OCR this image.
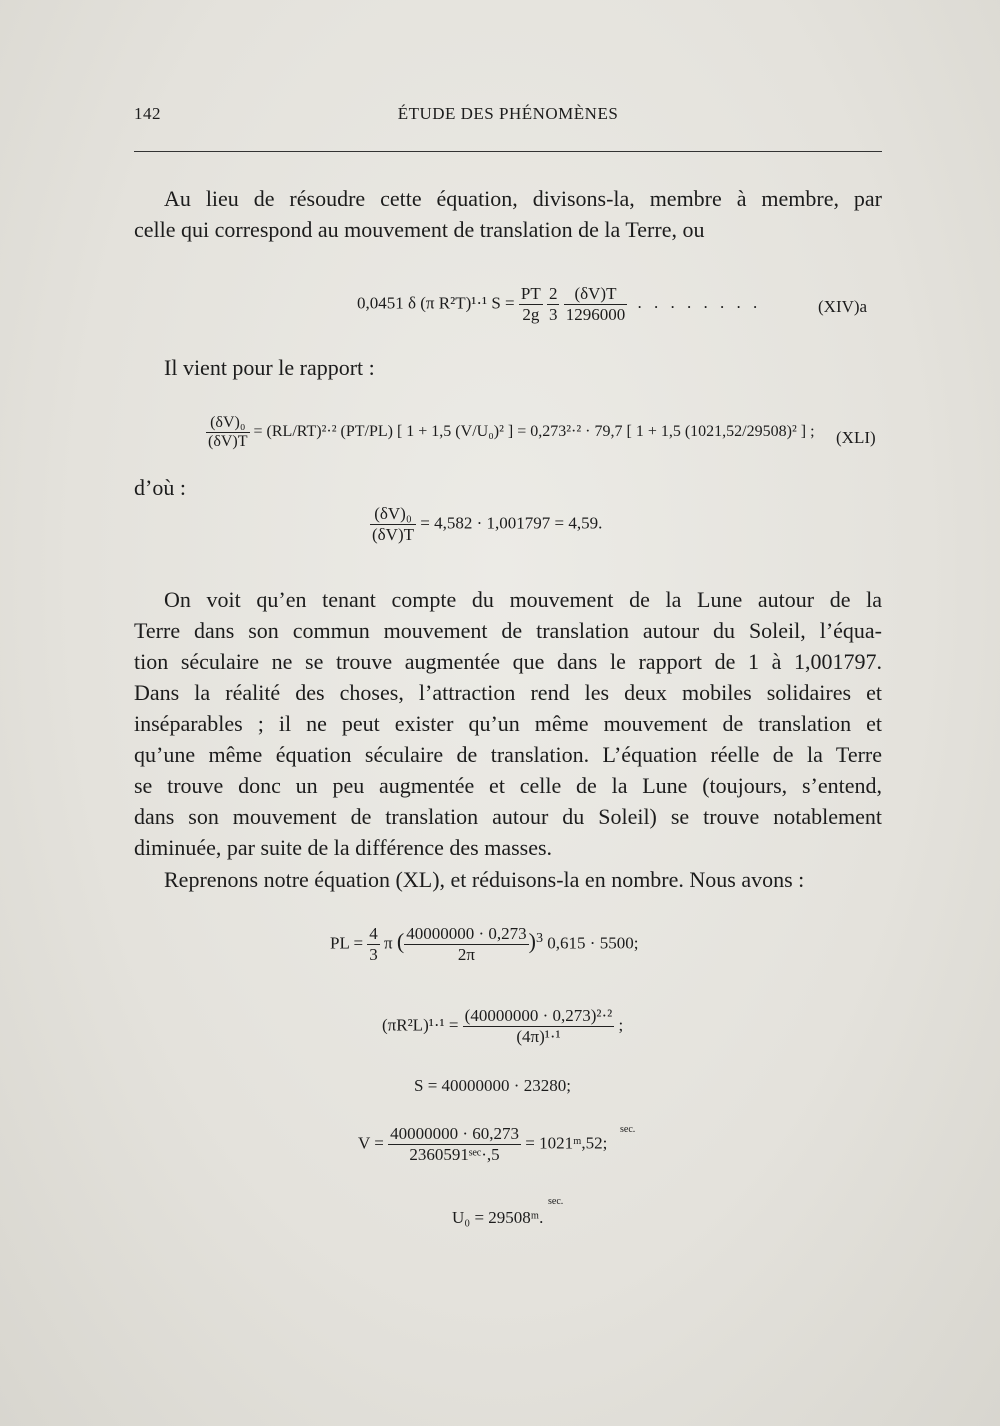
142	ÉTUDE DES PHÉNOMÈNES
Au lieu de résoudre cette équation, divisons-la, membre à membre, par
celle qui correspond au mouvement de translation de la Terre, ou
0,0451 δ (π R²T)¹·¹ $S = \frac{PT}{2g}$
$\frac{2}{3}$
$\frac{(\delta V)T}{1296000}$ . . . . . . . .	(XIV)a
Il vient pour le rapport :
$\frac{\text{(δV)₀}}{(\delta V)T} = (RL/RT)^2\cdot^2$ (PT/PL) [ 1 + 1,5 (V/U₀)² ] = 0,273²·² · 79,7 [ 1 + 1,5 (1021,52/29508)² ] ; (XLI)
d’où :
$\frac{\text{(δV)₀}}{(\delta V)T} = 4,582 \cdot 1,001797 = 4,59$.
On voit qu’en tenant compte du mouvement de la Lune autour de la
Terre dans son commun mouvement de translation autour du Soleil, l’équa-
tion séculaire ne se trouve augmentée que dans le rapport de 1 à 1,001797.
Dans la réalité des choses, l’attraction rend les deux mobiles solidaires et
inséparables ; il ne peut exister qu’un même mouvement de translation et
qu’une même équation séculaire de translation. L’équation réelle de la Terre
se trouve donc un peu augmentée et celle de la Lune (toujours, s’entend,
dans son mouvement de translation autour du Soleil) se trouve notablement
diminuée, par suite de la différence des masses.
Reprenons notre équation (XL), et réduisons-la en nombre. Nous avons :
PL = $\frac{4}{3}$ π ( $\frac{40000000 \cdot 0,273}{2\pi} )^3$ 0,615 · 5500;
$(\pi R^2L)^1\cdot^1 = \frac{\text{(40000000 · 0,273)²·²}}{\text{(4π)¹·¹}}$ ;
S = 40000000 · 23280;
$V = \frac{40000000 \cdot 60,273}{\text{2360591ˢᵉᶜ·,5}}$ = 1021ᵐ,52;
sec.
U₀ = 29508ᵐ.
sec.
